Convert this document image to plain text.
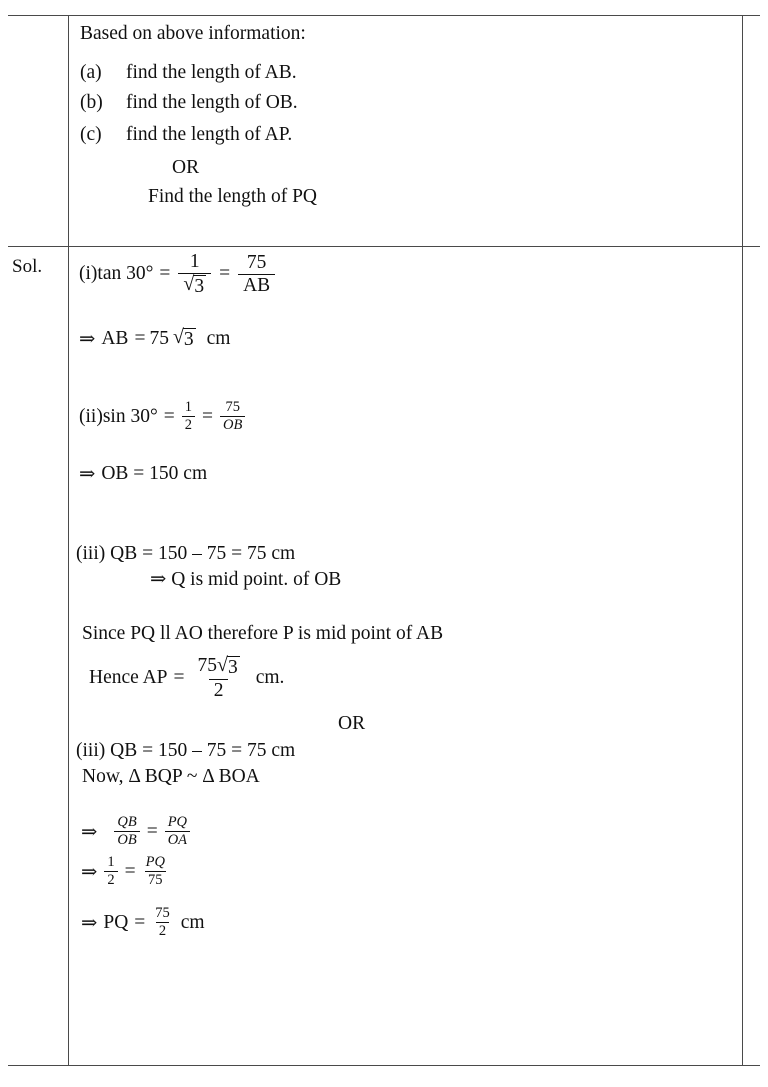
Based on above information:
(a)	find the length of AB.
(b)	find the length of OB.
(c)	find the length of AP.
OR
Find the length of PQ
Sol. (i)tan $30^\circ = \frac{1}{√ 3} = \frac{75}{AB}$
⇒ AB = 75 √ 3 cm
(ii)sin $30^\circ = \frac{1}{2} = \frac{75}{OB}$
⇒ OB = 150 cm
(iii) QB = 150 – 75 = 75 cm
⇒ Q is mid point. of OB
Since PQ ll AO therefore P is mid point of AB
Hence AP = $\frac{75 √ 3}{2}$ cm.
OR
(iii) QB = 150 – 75 = 75 cm
Now, Δ BQP ~ Δ BOA
⇒ $\frac{QB}{OB} = \frac{PQ}{OA}$
⇒ $\frac{1}{2} = \frac{PQ}{75}$
⇒ PQ = $\frac{75}{2}$ cm
